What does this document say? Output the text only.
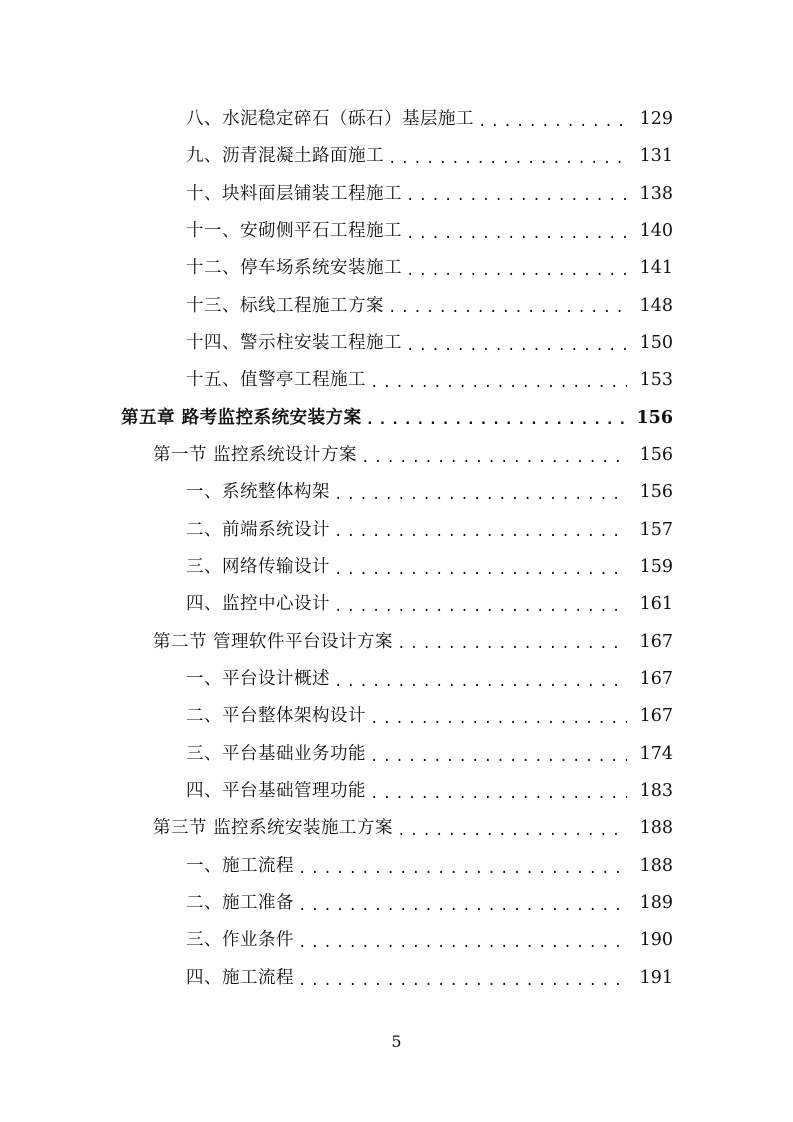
八、水泥稳定碎石（砾石）基层施工 .....	129
九、沥青混凝土路面施工 .....	131
十、块料面层铺装工程施工 .....	138
十一、安砌侧平石工程施工 .....	140
十二、停车场系统安装施工 .....	141
十三、标线工程施工方案 .....	148
十四、警示柱安装工程施工 .....	150
十五、值警亭工程施工 .....	153
第五章 路考监控系统安装方案 .....	156
第一节 监控系统设计方案 .....	156
一、系统整体构架 .....	156
二、前端系统设计 .....	157
三、网络传输设计 .....	159
四、监控中心设计 .....	161
第二节 管理软件平台设计方案 .....	167
一、平台设计概述 .....	167
二、平台整体架构设计 .....	167
三、平台基础业务功能 .....	174
四、平台基础管理功能 .....	183
第三节 监控系统安装施工方案 .....	188
一、施工流程 .....	188
二、施工准备 .....	189
三、作业条件 .....	190
四、施工流程 .....	191
5
